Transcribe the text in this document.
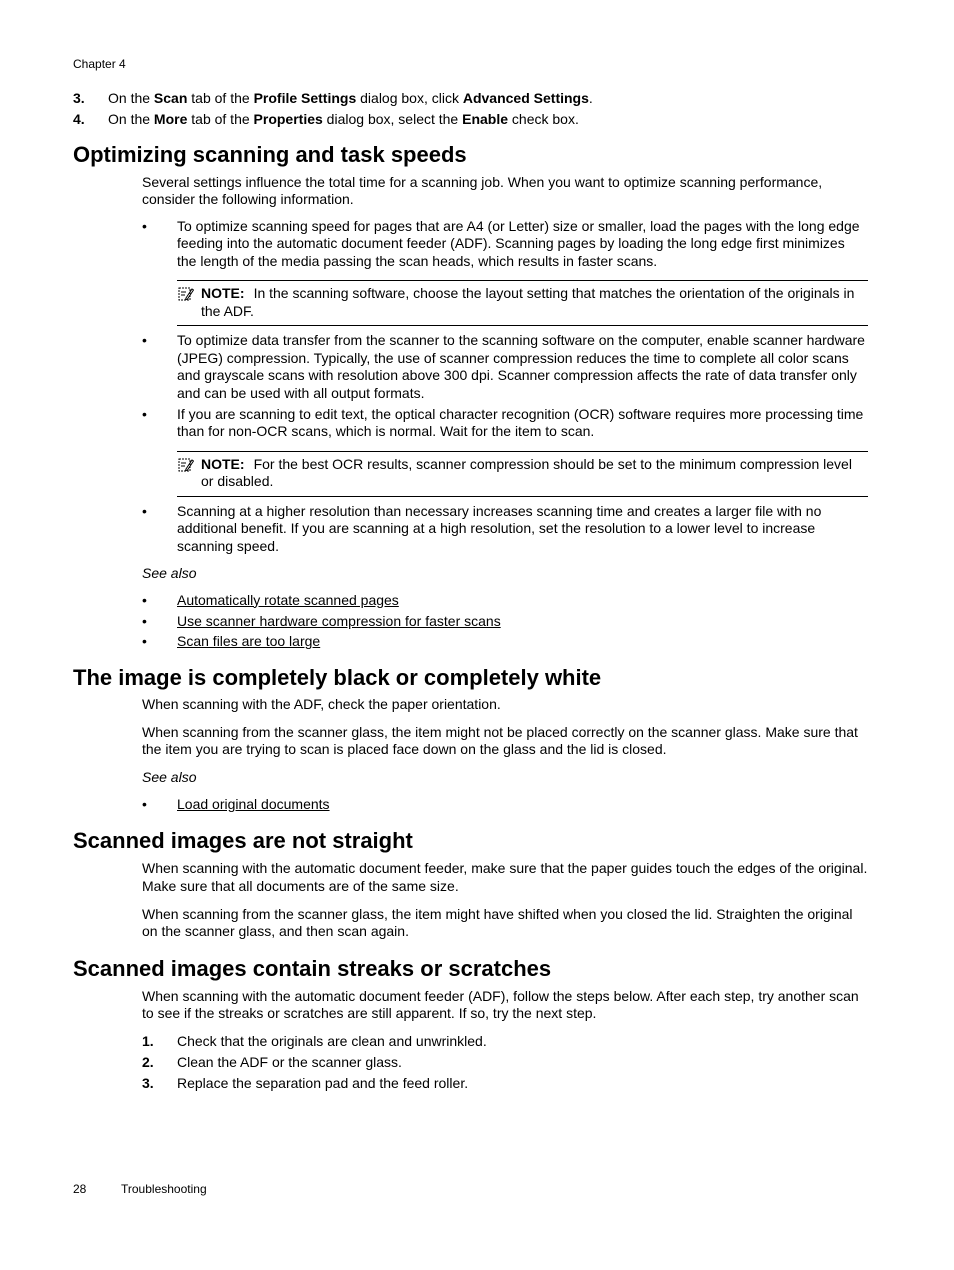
Chapter 4
3. On the Scan tab of the Profile Settings dialog box, click Advanced Settings.
4. On the More tab of the Properties dialog box, select the Enable check box.
Optimizing scanning and task speeds

Several settings influence the total time for a scanning job. When you want to optimize scanning performance, consider the following information.

• To optimize scanning speed for pages that are A4 (or Letter) size or smaller, load the pages with the long edge feeding into the automatic document feeder (ADF). Scanning pages by loading the long edge first minimizes the length of the media passing the scan heads, which results in faster scans.
NOTE: In the scanning software, choose the layout setting that matches the orientation of the originals in the ADF.
• To optimize data transfer from the scanner to the scanning software on the computer, enable scanner hardware (JPEG) compression. Typically, the use of scanner compression reduces the time to complete all color scans and grayscale scans with resolution above 300 dpi. Scanner compression affects the rate of data transfer only and can be used with all output formats.
• If you are scanning to edit text, the optical character recognition (OCR) software requires more processing time than for non-OCR scans, which is normal. Wait for the item to scan.
NOTE: For the best OCR results, scanner compression should be set to the minimum compression level or disabled.
• Scanning at a higher resolution than necessary increases scanning time and creates a larger file with no additional benefit. If you are scanning at a high resolution, set the resolution to a lower level to increase scanning speed.

See also

• Automatically rotate scanned pages
• Use scanner hardware compression for faster scans
• Scan files are too large
The image is completely black or completely white

When scanning with the ADF, check the paper orientation.

When scanning from the scanner glass, the item might not be placed correctly on the scanner glass. Make sure that the item you are trying to scan is placed face down on the glass and the lid is closed.

See also

• Load original documents
Scanned images are not straight

When scanning with the automatic document feeder, make sure that the paper guides touch the edges of the original. Make sure that all documents are of the same size.

When scanning from the scanner glass, the item might have shifted when you closed the lid. Straighten the original on the scanner glass, and then scan again.

Scanned images contain streaks or scratches

When scanning with the automatic document feeder (ADF), follow the steps below. After each step, try another scan to see if the streaks or scratches are still apparent. If so, try the next step.

1. Check that the originals are clean and unwrinkled.
2. Clean the ADF or the scanner glass.
3. Replace the separation pad and the feed roller.
28	Troubleshooting
